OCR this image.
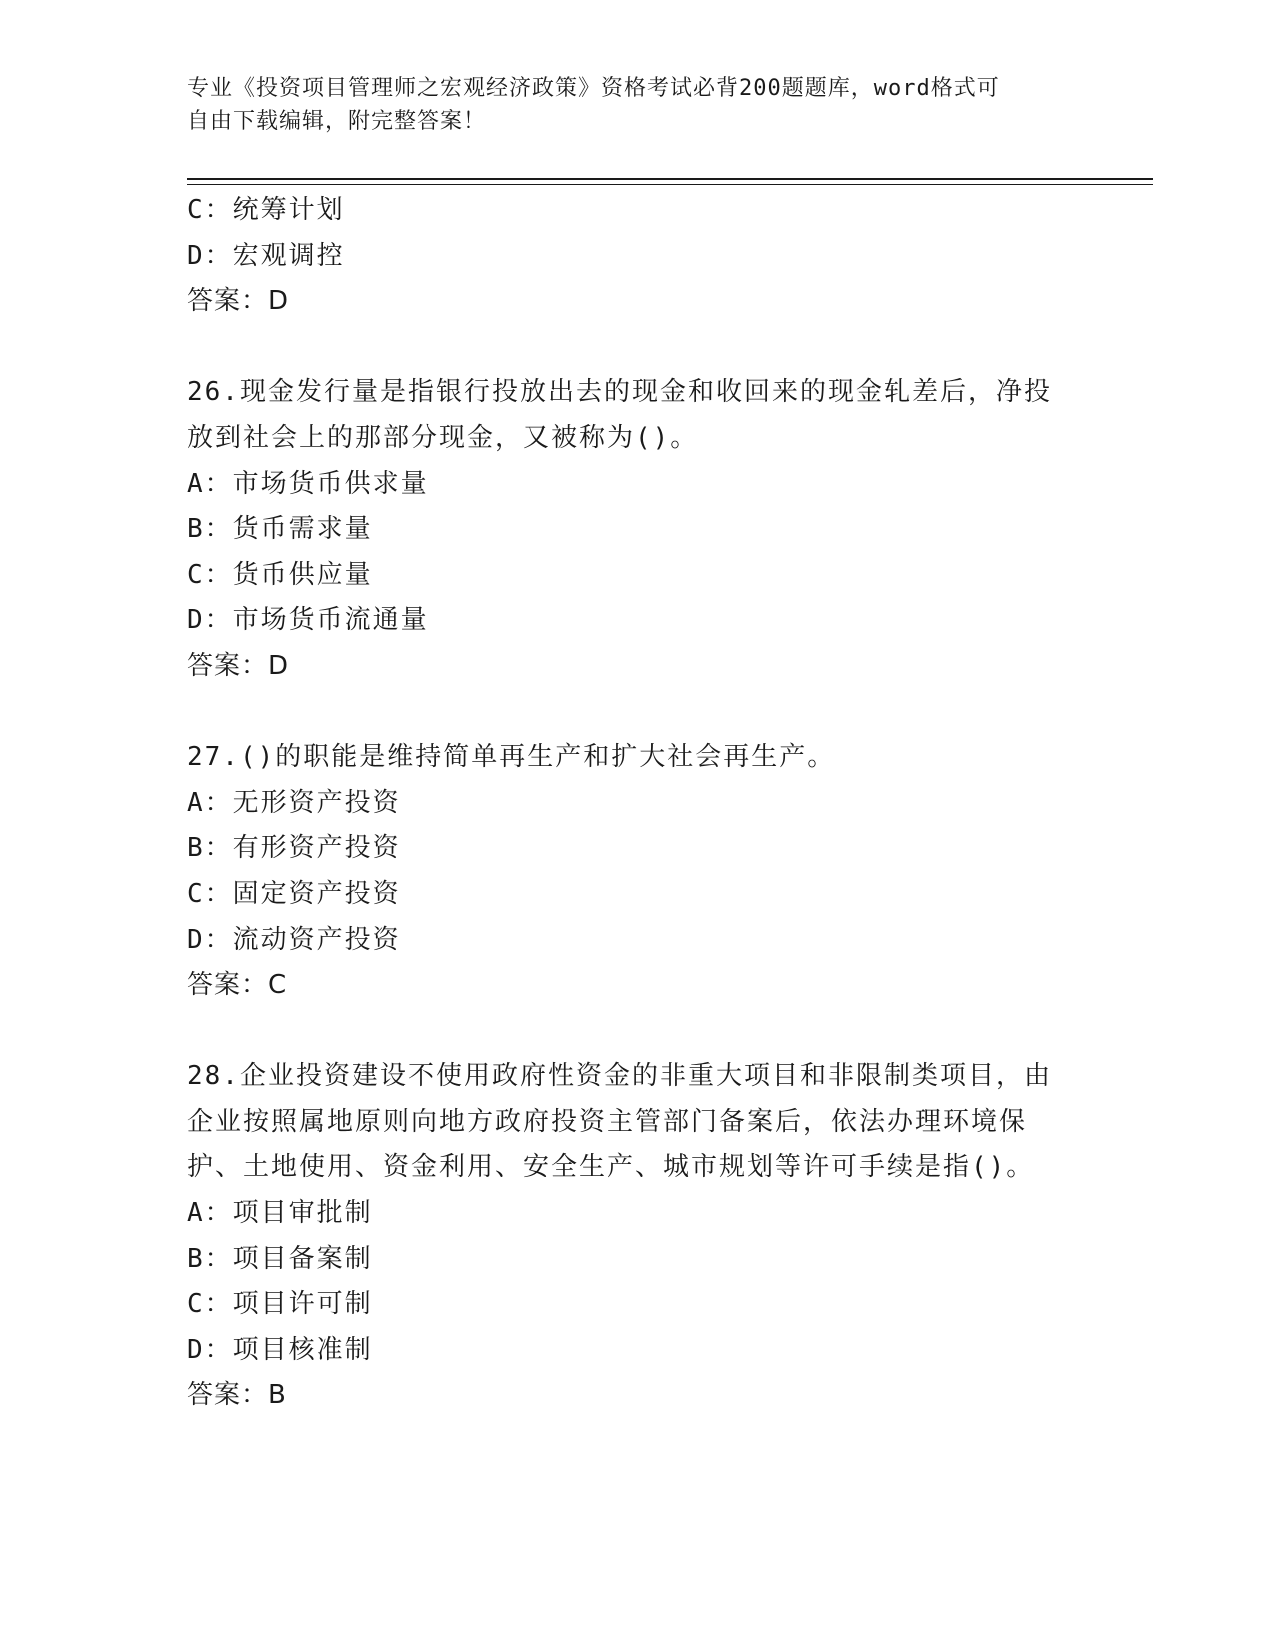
专业《投资项目管理师之宏观经济政策》资格考试必背200题题库，word格式可
自由下载编辑，附完整答案！
C：统筹计划
D：宏观调控
答案：D
26.现金发行量是指银行投放出去的现金和收回来的现金轧差后，净投
放到社会上的那部分现金，又被称为()。
A：市场货币供求量
B：货币需求量
C：货币供应量
D：市场货币流通量
答案：D
27.()的职能是维持简单再生产和扩大社会再生产。
A：无形资产投资
B：有形资产投资
C：固定资产投资
D：流动资产投资
答案：C
28.企业投资建设不使用政府性资金的非重大项目和非限制类项目，由
企业按照属地原则向地方政府投资主管部门备案后，依法办理环境保
护、土地使用、资金利用、安全生产、城市规划等许可手续是指()。
A：项目审批制
B：项目备案制
C：项目许可制
D：项目核准制
答案：B
